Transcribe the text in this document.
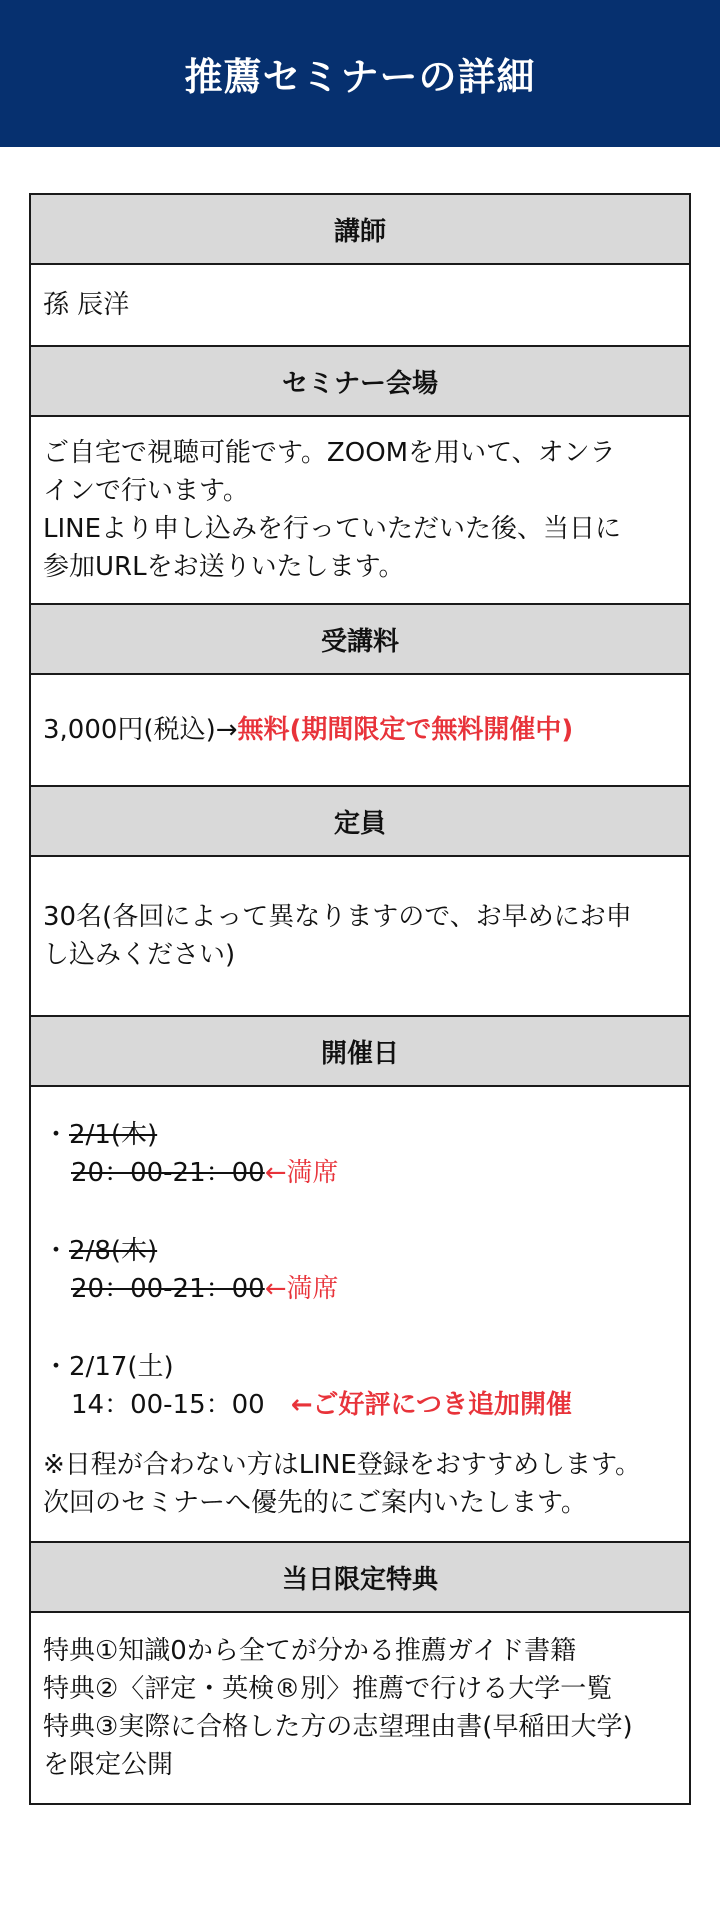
推薦セミナーの詳細
講師
孫 辰洋
セミナー会場
ご自宅で視聴可能です。ZOOMを用いて、オンラ
インで行います。
LINEより申し込みを行っていただいた後、当日に
参加URLをお送りいたします。
受講料
3,000円(税込)→無料(期間限定で無料開催中)
定員
30名(各回によって異なりますので、お早めにお申
し込みください)
開催日
・2/1(木)
20：00-21：00←満席
・2/8(木)
20：00-21：00←満席
・2/17(土)
14：00-15：00 ←ご好評につき追加開催
※日程が合わない方はLINE登録をおすすめします。
次回のセミナーへ優先的にご案内いたします。
当日限定特典
特典①知識0から全てが分かる推薦ガイド書籍
特典②〈評定・英検®別〉推薦で行ける大学一覧
特典③実際に合格した方の志望理由書(早稲田大学)
を限定公開
